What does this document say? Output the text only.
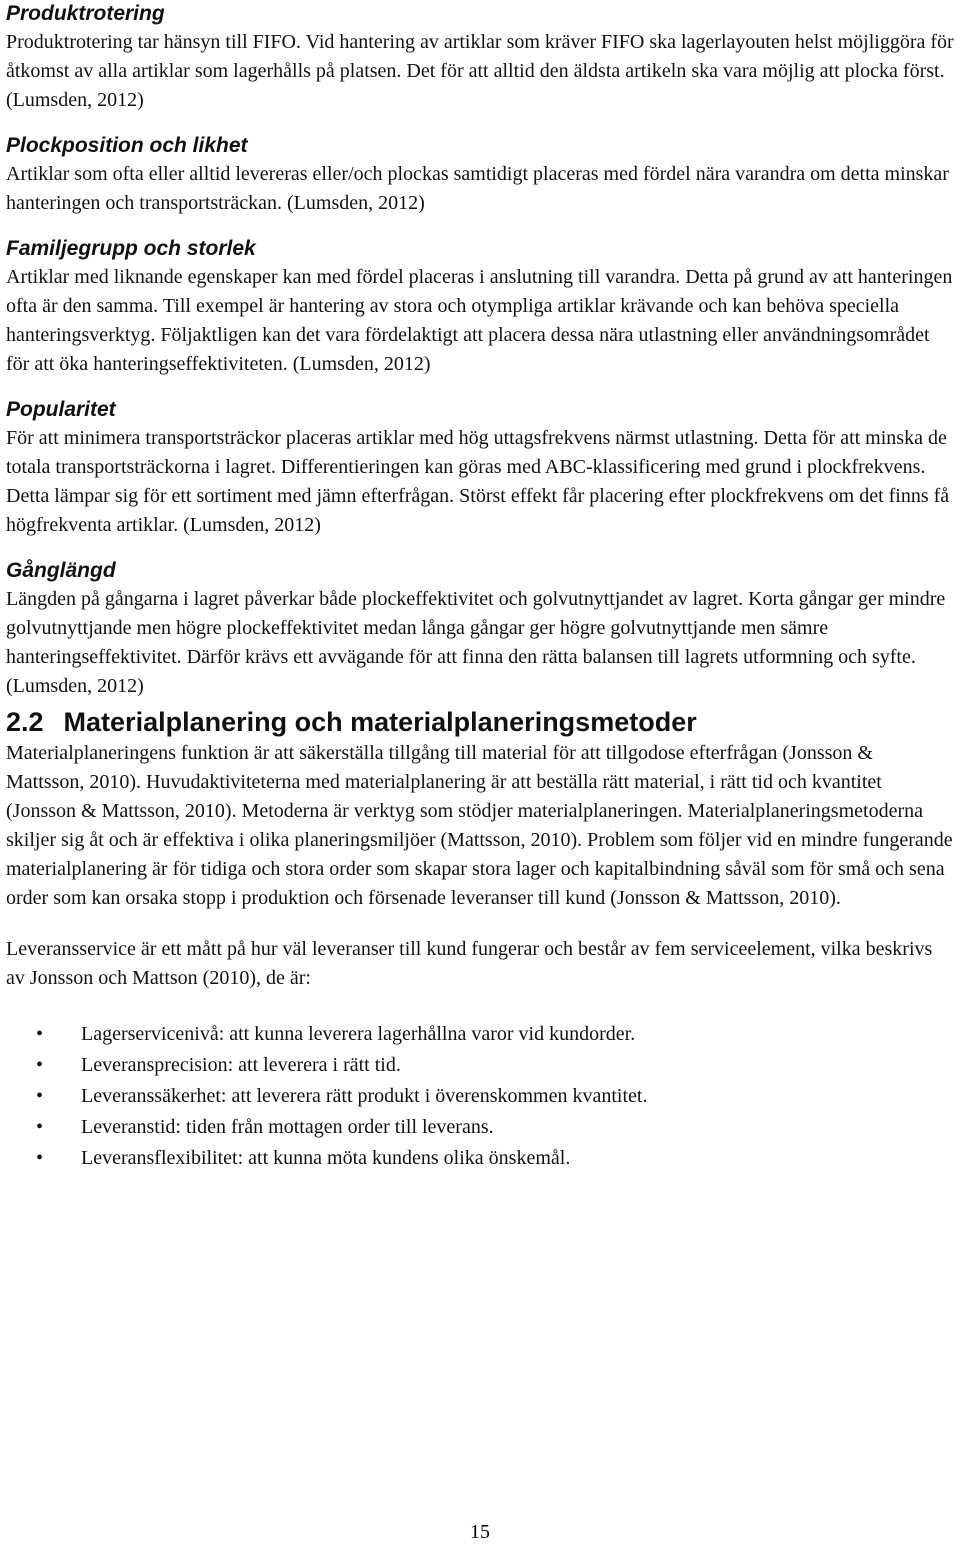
Produktrotering

Produktrotering tar hänsyn till FIFO. Vid hantering av artiklar som kräver FIFO ska lagerlayouten helst möjliggöra för åtkomst av alla artiklar som lagerhålls på platsen. Det för att alltid den äldsta artikeln ska vara möjlig att plocka först. (Lumsden, 2012)

Plockposition och likhet

Artiklar som ofta eller alltid levereras eller/och plockas samtidigt placeras med fördel nära varandra om detta minskar hanteringen och transportsträckan. (Lumsden, 2012)

Familjegrupp och storlek

Artiklar med liknande egenskaper kan med fördel placeras i anslutning till varandra. Detta på grund av att hanteringen ofta är den samma. Till exempel är hantering av stora och otympliga artiklar krävande och kan behöva speciella hanteringsverktyg. Följaktligen kan det vara fördelaktigt att placera dessa nära utlastning eller användningsområdet för att öka hanteringseffektiviteten. (Lumsden, 2012)

Popularitet

För att minimera transportsträckor placeras artiklar med hög uttagsfrekvens närmst utlastning. Detta för att minska de totala transportsträckorna i lagret. Differentieringen kan göras med ABC-klassificering med grund i plockfrekvens. Detta lämpar sig för ett sortiment med jämn efterfrågan. Störst effekt får placering efter plockfrekvens om det finns få högfrekventa artiklar. (Lumsden, 2012)

Gånglängd

Längden på gångarna i lagret påverkar både plockeffektivitet och golvutnyttjandet av lagret. Korta gångar ger mindre golvutnyttjande men högre plockeffektivitet medan långa gångar ger högre golvutnyttjande men sämre hanteringseffektivitet. Därför krävs ett avvägande för att finna den rätta balansen till lagrets utformning och syfte. (Lumsden, 2012)

2.2 Materialplanering och materialplaneringsmetoder

Materialplaneringens funktion är att säkerställa tillgång till material för att tillgodose efterfrågan (Jonsson & Mattsson, 2010). Huvudaktiviteterna med materialplanering är att beställa rätt material, i rätt tid och kvantitet (Jonsson & Mattsson, 2010). Metoderna är verktyg som stödjer materialplaneringen. Materialplaneringsmetoderna skiljer sig åt och är effektiva i olika planeringsmiljöer (Mattsson, 2010). Problem som följer vid en mindre fungerande materialplanering är för tidiga och stora order som skapar stora lager och kapitalbindning såväl som för små och sena order som kan orsaka stopp i produktion och försenade leveranser till kund (Jonsson & Mattsson, 2010).

Leveransservice är ett mått på hur väl leveranser till kund fungerar och består av fem serviceelement, vilka beskrivs av Jonsson och Mattson (2010), de är:

• Lagerservicenivå: att kunna leverera lagerhållna varor vid kundorder.
• Leveransprecision: att leverera i rätt tid.
• Leveranssäkerhet: att leverera rätt produkt i överenskommen kvantitet.
• Leveranstid: tiden från mottagen order till leverans.
• Leveransflexibilitet: att kunna möta kundens olika önskemål.
15
